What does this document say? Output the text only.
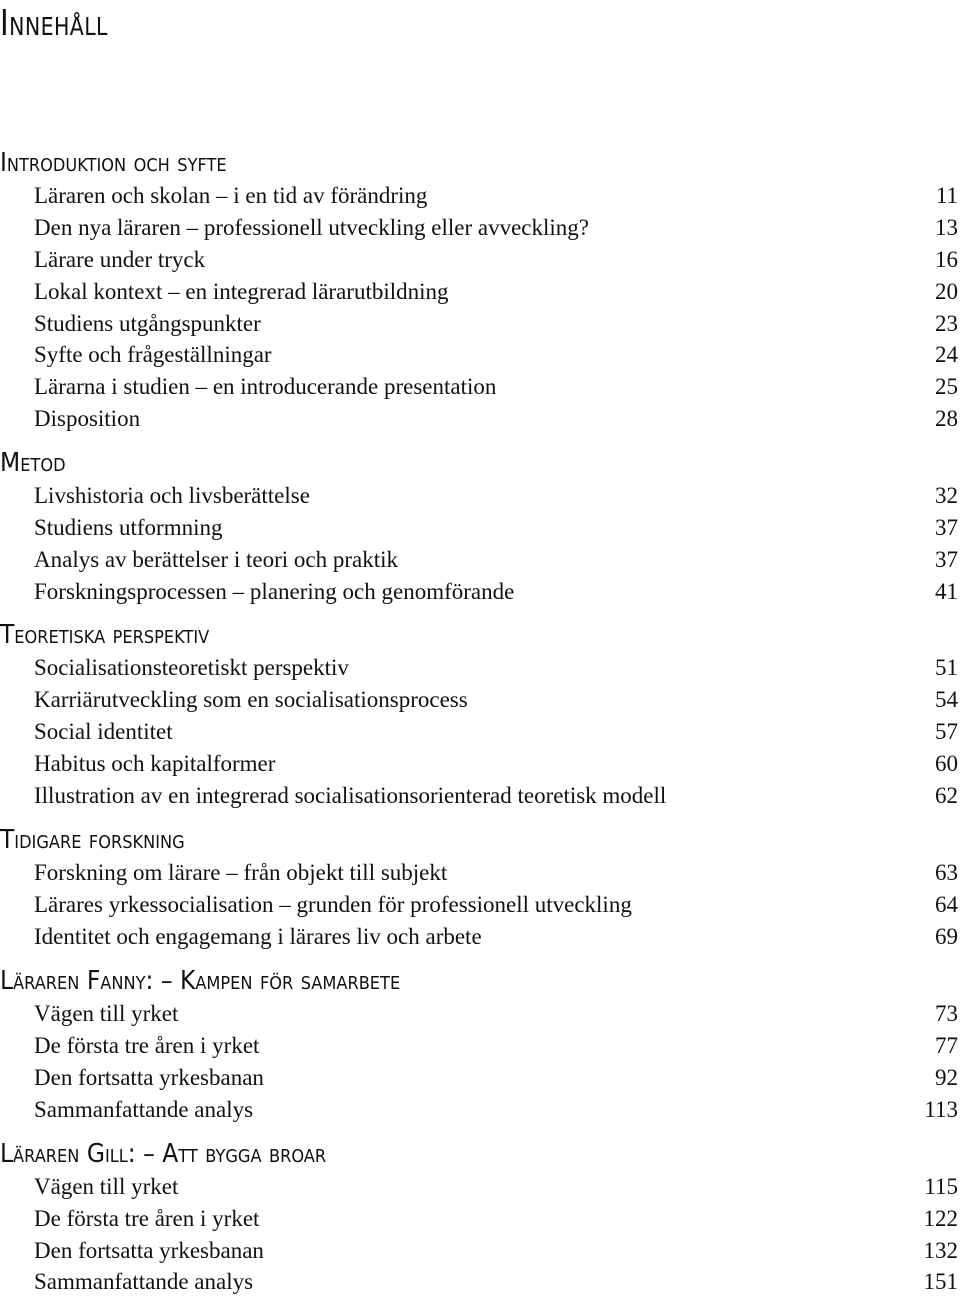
Innehåll
Introduktion och syfte
Läraren och skolan – i en tid av förändring	11
Den nya läraren – professionell utveckling eller avveckling?	13
Lärare under tryck	16
Lokal kontext – en integrerad lärarutbildning	20
Studiens utgångspunkter	23
Syfte och frågeställningar	24
Lärarna i studien – en introducerande presentation	25
Disposition	28
Metod
Livshistoria och livsberättelse	32
Studiens utformning	37
Analys av berättelser i teori och praktik	37
Forskningsprocessen – planering och genomförande	41
Teoretiska perspektiv
Socialisationsteoretiskt perspektiv	51
Karriärutveckling som en socialisationsprocess	54
Social identitet	57
Habitus och kapitalformer	60
Illustration av en integrerad socialisationsorienterad teoretisk modell	62
Tidigare forskning
Forskning om lärare – från objekt till subjekt	63
Lärares yrkessocialisation – grunden för professionell utveckling	64
Identitet och engagemang i lärares liv och arbete	69
Läraren Fanny: – Kampen för samarbete
Vägen till yrket	73
De första tre åren i yrket	77
Den fortsatta yrkesbanan	92
Sammanfattande analys	113
Läraren Gill: – Att bygga broar
Vägen till yrket	115
De första tre åren i yrket	122
Den fortsatta yrkesbanan	132
Sammanfattande analys	151
